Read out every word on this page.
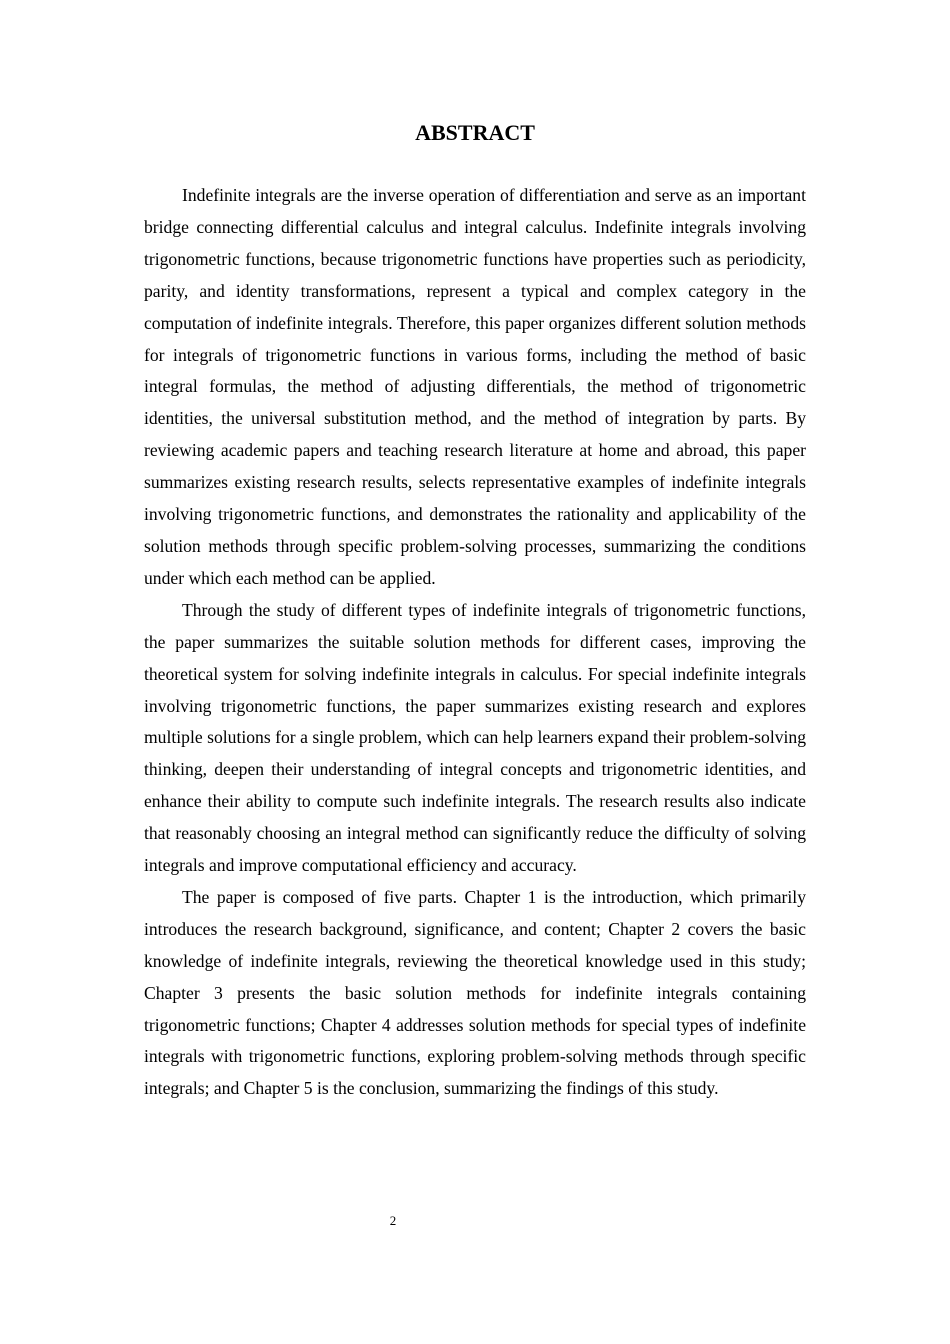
ABSTRACT

Indefinite integrals are the inverse operation of differentiation and serve as an important bridge connecting differential calculus and integral calculus. Indefinite integrals involving trigonometric functions, because trigonometric functions have properties such as periodicity, parity, and identity transformations, represent a typical and complex category in the computation of indefinite integrals. Therefore, this paper organizes different solution methods for integrals of trigonometric functions in various forms, including the method of basic integral formulas, the method of adjusting differentials, the method of trigonometric identities, the universal substitution method, and the method of integration by parts. By reviewing academic papers and teaching research literature at home and abroad, this paper summarizes existing research results, selects representative examples of indefinite integrals involving trigonometric functions, and demonstrates the rationality and applicability of the solution methods through specific problem-solving processes, summarizing the conditions under which each method can be applied.

Through the study of different types of indefinite integrals of trigonometric functions, the paper summarizes the suitable solution methods for different cases, improving the theoretical system for solving indefinite integrals in calculus. For special indefinite integrals involving trigonometric functions, the paper summarizes existing research and explores multiple solutions for a single problem, which can help learners expand their problem-solving thinking, deepen their understanding of integral concepts and trigonometric identities, and enhance their ability to compute such indefinite integrals. The research results also indicate that reasonably choosing an integral method can significantly reduce the difficulty of solving integrals and improve computational efficiency and accuracy.

The paper is composed of five parts. Chapter 1 is the introduction, which primarily introduces the research background, significance, and content; Chapter 2 covers the basic knowledge of indefinite integrals, reviewing the theoretical knowledge used in this study; Chapter 3 presents the basic solution methods for indefinite integrals containing trigonometric functions; Chapter 4 addresses solution methods for special types of indefinite integrals with trigonometric functions, exploring problem-solving methods through specific integrals; and Chapter 5 is the conclusion, summarizing the findings of this study.

2
